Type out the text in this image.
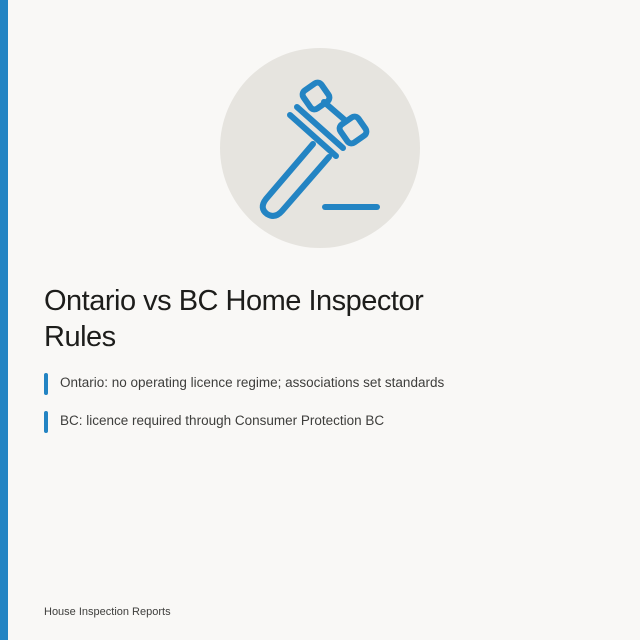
Ontario vs BC Home Inspector Rules
Ontario: no operating licence regime; associations set standards
BC: licence required through Consumer Protection BC
House Inspection Reports
